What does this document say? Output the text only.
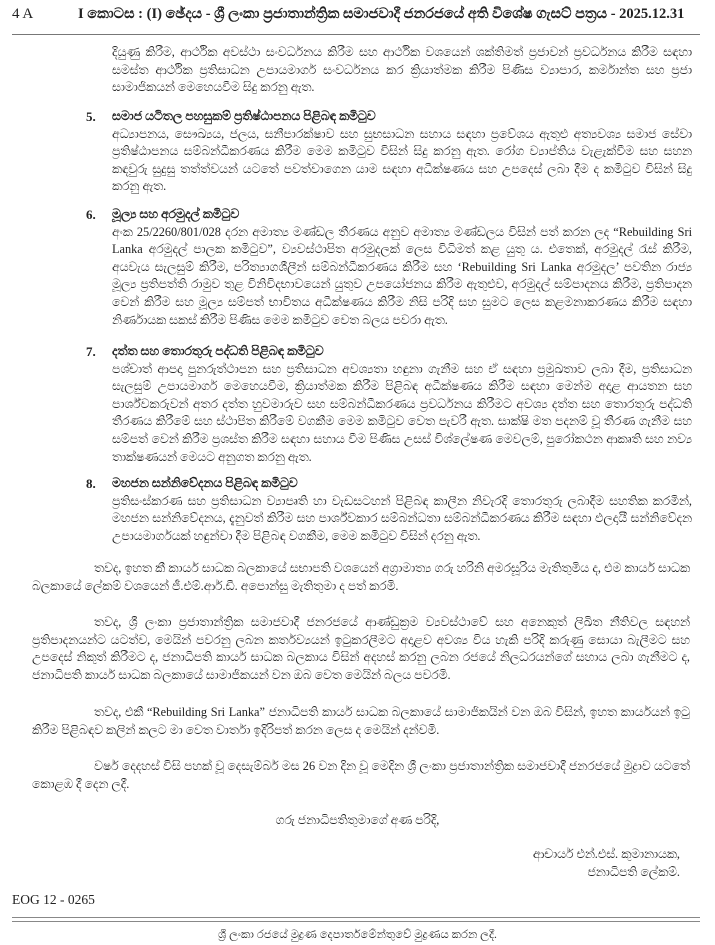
4 A	I කොටස : (I) ඡේදය - ශ්‍රී ලංකා ප්‍රජාතාන්ත්‍රික සමාජවාදී ජනරජයේ අති විශේෂ ගැසට් පත්‍රය - 2025.12.31
දියුණු කිරීම, ආර්ථික අවස්ථා සංවර්ධනය කිරීම සහ ආර්ථික වශයෙන් ශක්තිමත් ප්‍රජාවන් ප්‍රවර්ධනය කිරීම සඳහා සමස්ත ආර්ථික ප්‍රතිසාධන උපායමාර්ග සංවර්ධනය කර ක්‍රියාත්මක කිරීම පිණිස ව්‍යාපාර, කර්මාන්ත සහ ප්‍රජා සාමාජිකයන් මෙහෙයවීම සිදු කරනු ඇත.
5. සමාජ යටිතල පහසුකම් ප්‍රතිෂ්ඨාපනය පිළිබඳ කමිටුව
අධ්‍යාපනය, සෞඛ්‍යය, ජලය, සනීපාරක්ෂාව සහ සුභසාධන සහාය සඳහා ප්‍රවේශය ඇතුළු අත්‍යවශ්‍ය සමාජ සේවා ප්‍රතිෂ්ඨාපනය සම්බන්ධීකරණය කිරීම මෙම කමිටුව විසින් සිදු කරනු ඇත. රෝග ව්‍යාප්තිය වැළැක්වීම සහ සහන කඳවුරු සුදුසු තත්ත්වයන් යටතේ පවත්වාගෙන යාම සඳහා අධීක්ෂණය සහ උපදෙස් ලබා දීම ද කමිටුව විසින් සිදු කරනු ඇත.
6. මූල්‍ය සහ අරමුදල් කමිටුව
අංක 25/2260/801/028 දරන අමාත්‍ය මණ්ඩල තීරණය අනුව අමාත්‍ය මණ්ඩලය විසින් පත් කරන ලද “Rebuilding Sri Lanka අරමුදල් පාලක කමිටුව”, ව්‍යවස්ථාපිත අරමුදලක් ලෙස විධිමත් කළ යුතු ය. එතෙක්, අරමුදල් රැස් කිරීම, අයවැය සැලසුම් කිරීම, පරිත්‍යාගශීලීන් සම්බන්ධීකරණය කිරීම සහ ‘Rebuilding Sri Lanka අරමුදල’ පවතින රාජ්‍ය මූල්‍ය ප්‍රතිපත්ති රාමුව තුළ විනිවිදභාවයෙන් යුතුව උපයෝජනය කිරීම ඇතුළුව, අරමුදල් සම්පාදනය කිරීම, ප්‍රතිපාදන වෙන් කිරීම සහ මූල්‍ය සම්පත් භාවිතය අධීක්ෂණය කිරීම නිසි පරිදි සහ සුමට ලෙස කළමනාකරණය කිරීම සඳහා නිර්ණායක සකස් කිරීම පිණිස මෙම කමිටුව වෙත බලය පවරා ඇත.
7. දත්ත සහ තොරතුරු පද්ධති පිළිබඳ කමිටුව
පශ්චාත් ආපදා පුනරුත්ථාපන සහ ප්‍රතිසාධන අවශ්‍යතා හඳුනා ගැනීම සහ ඒ සඳහා ප්‍රමුඛතාව ලබා දීම, ප්‍රතිසාධන සැලසුම් උපායමාර්ග මෙහෙයවීම, ක්‍රියාත්මක කිරීම පිළිබඳ අධීක්ෂණය කිරීම සඳහා මෙන්ම අදාළ ආයතන සහ පාර්ශ්වකරුවන් අතර දත්ත හුවමාරුව සහ සම්බන්ධීකරණය ප්‍රවර්ධනය කිරීමට අවශ්‍ය දත්ත සහ තොරතුරු පද්ධති තීරණය කිරීමේ සහ ස්ථාපිත කිරීමේ වගකීම මෙම කමිටුව වෙත පැවරී ඇත. සාක්ෂි මත පදනම් වූ තීරණ ගැනීම සහ සම්පත් වෙන් කිරීම ප්‍රශස්ත කිරීම සඳහා සහාය වීම පිණිස උසස් විශ්ලේෂණ මෙවලම්, පුරෝකථන ආකෘති සහ නව්‍ය තාක්ෂණයන් මෙයට අනුගත කරනු ඇත.
8. මහජන සන්නිවේදනය පිළිබඳ කමිටුව
ප්‍රතිසංස්කරණ සහ ප්‍රතිසාධන ව්‍යාපෘති හා වැඩසටහන් පිළිබඳ කාලීන නිවැරදි තොරතුරු ලබාදීම සහතික කරමින්, මහජන සන්නිවේදනය, දැනුවත් කිරීම සහ පාර්ශ්වකාර සම්බන්ධතා සම්බන්ධීකරණය කිරීම සඳහා ඵලදායී සන්නිවේදන උපායමාර්ගයක් හඳුන්වා දීම පිළිබඳ වගකීම, මෙම කමිටුව විසින් දරනු ඇත.
තවද, ඉහත කී කාර්ය සාධක බලකායේ සභාපති වශයෙන් අග්‍රාමාත්‍ය ගරු හරිනි අමරසූරිය මැතිතුමිය ද, එම කාර්ය සාධක බලකායේ ලේකම් වශයෙන් ජී.එම්.ආර්.ඩී. අපොන්සු මැතිතුමා ද පත් කරමි.
තවද, ශ්‍රී ලංකා ප්‍රජාතාන්ත්‍රික සමාජවාදී ජනරජයේ ආණ්ඩුක්‍රම ව්‍යවස්ථාවේ සහ අනෙකුත් ලිඛිත නීතිවල සඳහන් ප්‍රතිපාදනයන්ට යටත්ව, මෙයින් පවරනු ලබන කර්තව්‍යයන් ඉටුකරලීමට අදාළව අවශ්‍ය විය හැකි පරිදි කරුණු සොයා බැලීමට සහ උපදෙස් නිකුත් කිරීමට ද, ජනාධිපති කාර්ය සාධක බලකාය විසින් අදහස් කරනු ලබන රජයේ නිලධරයන්ගේ සහාය ලබා ගැනීමට ද, ජනාධිපති කාර්ය සාධක බලකායේ සාමාජිකයන් වන ඔබ වෙත මෙයින් බලය පවරමි.
තවද, එකී “Rebuilding Sri Lanka” ජනාධිපති කාර්ය සාධක බලකායේ සාමාජිකයින් වන ඔබ විසින්, ඉහත කාර්යයන් ඉටු කිරීම පිළිබඳව කලින් කලට මා වෙත වාර්තා ඉදිරිපත් කරන ලෙස ද මෙයින් දන්වමි.
වර්ෂ දෙදහස් විසි පහක් වූ දෙසැම්බර් මස 26 වන දින වූ මෙදින ශ්‍රී ලංකා ප්‍රජාතාන්ත්‍රික සමාජවාදී ජනරජයේ මුද්‍රාව යටතේ කොළඹ දී දෙන ලදී.
ගරු ජනාධිපතිතුමාගේ අණ පරිදි,
ආචාර්ය එන්.එස්. කුමානායක,
ජනාධිපති ලේකම්.
EOG 12 - 0265
ශ්‍රී ලංකා රජයේ මුද්‍රණ දෙපාර්තමේන්තුවේ මුද්‍රණය කරන ලදී.
